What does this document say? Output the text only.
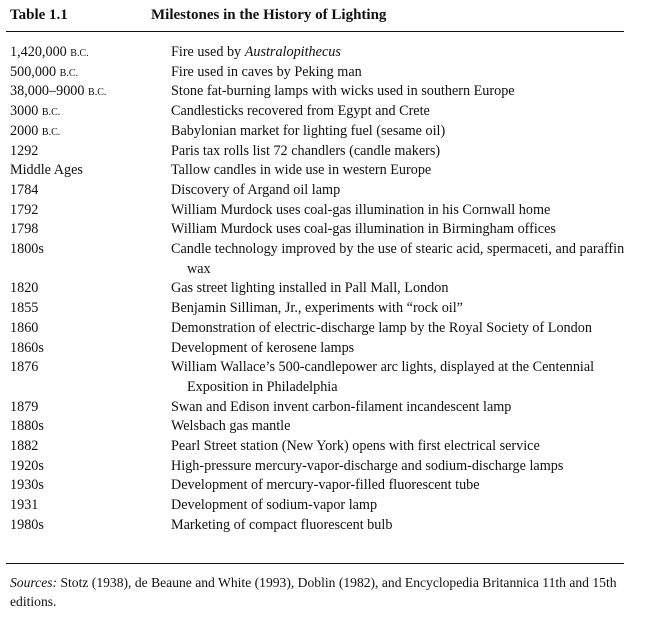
Table 1.1	Milestones in the History of Lighting
1,420,000 B.C.	Fire used by Australopithecus
500,000 B.C.	Fire used in caves by Peking man
38,000–9000 B.C.	Stone fat-burning lamps with wicks used in southern Europe
3000 B.C.	Candlesticks recovered from Egypt and Crete
2000 B.C.	Babylonian market for lighting fuel (sesame oil)
1292	Paris tax rolls list 72 chandlers (candle makers)
Middle Ages	Tallow candles in wide use in western Europe
1784	Discovery of Argand oil lamp
1792	William Murdock uses coal-gas illumination in his Cornwall home
1798	William Murdock uses coal-gas illumination in Birmingham offices
1800s	Candle technology improved by the use of stearic acid, spermaceti, and paraffin wax
1820	Gas street lighting installed in Pall Mall, London
1855	Benjamin Silliman, Jr., experiments with “rock oil”
1860	Demonstration of electric-discharge lamp by the Royal Society of London
1860s	Development of kerosene lamps
1876	William Wallace’s 500-candlepower arc lights, displayed at the Centennial Exposition in Philadelphia
1879	Swan and Edison invent carbon-filament incandescent lamp
1880s	Welsbach gas mantle
1882	Pearl Street station (New York) opens with first electrical service
1920s	High-pressure mercury-vapor-discharge and sodium-discharge lamps
1930s	Development of mercury-vapor-filled fluorescent tube
1931	Development of sodium-vapor lamp
1980s	Marketing of compact fluorescent bulb
Sources: Stotz (1938), de Beaune and White (1993), Doblin (1982), and Encyclopedia Britannica 11th and 15th editions.
